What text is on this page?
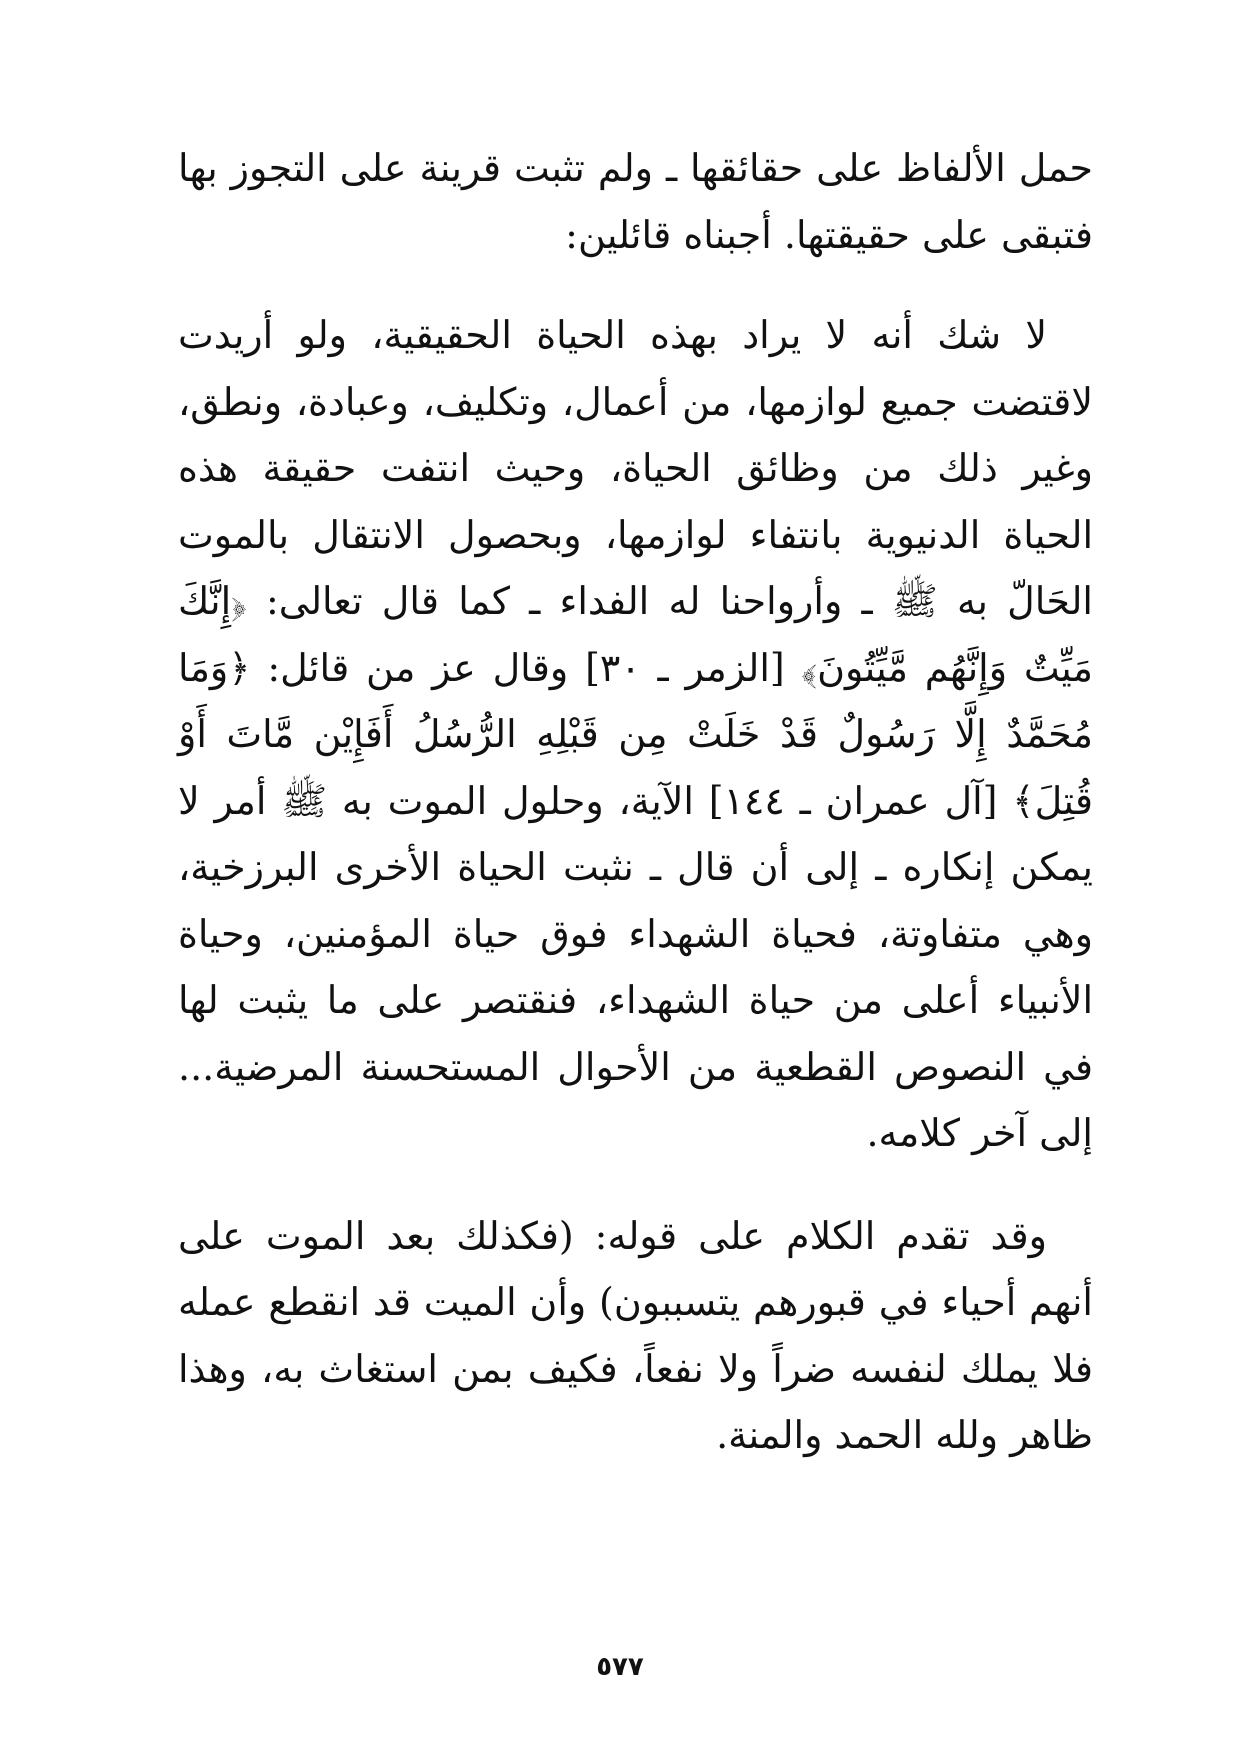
حمل الألفاظ على حقائقها ـ ولم تثبت قرينة على التجوز بها فتبقى على حقيقتها. أجبناه قائلين:

لا شك أنه لا يراد بهذه الحياة الحقيقية، ولو أريدت لاقتضت جميع لوازمها، من أعمال، وتكليف، وعبادة، ونطق، وغير ذلك من وظائق الحياة، وحيث انتفت حقيقة هذه الحياة الدنيوية بانتفاء لوازمها، وبحصول الانتقال بالموت الحَالّ به ﷺ ـ وأرواحنا له الفداء ـ كما قال تعالى: ﴿إِنَّكَ مَيِّتٌ وَإِنَّهُم مَّيِّتُونَ﴾ [الزمر ـ ٣٠] وقال عز من قائل: ﴿وَمَا مُحَمَّدٌ إِلَّا رَسُولٌ قَدْ خَلَتْ مِن قَبْلِهِ الرُّسُلُ أَفَإِيْن مَّاتَ أَوْ قُتِلَ﴾ [آل عمران ـ ١٤٤] الآية، وحلول الموت به ﷺ أمر لا يمكن إنكاره ـ إلى أن قال ـ نثبت الحياة الأخرى البرزخية، وهي متفاوتة، فحياة الشهداء فوق حياة المؤمنين، وحياة الأنبياء أعلى من حياة الشهداء، فنقتصر على ما يثبت لها في النصوص القطعية من الأحوال المستحسنة المرضية... إلى آخر كلامه.

وقد تقدم الكلام على قوله: (فكذلك بعد الموت على أنهم أحياء في قبورهم يتسببون) وأن الميت قد انقطع عمله فلا يملك لنفسه ضراً ولا نفعاً، فكيف بمن استغاث به، وهذا ظاهر ولله الحمد والمنة.

٥٧٧
